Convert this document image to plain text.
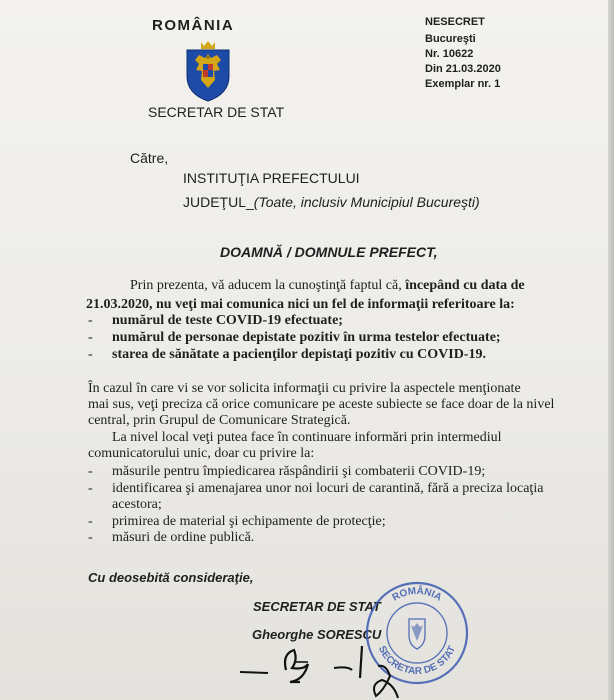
ROMÂNIA
SECRETAR DE STAT
NESECRET
Bucureşti
Nr. 10622
Din 21.03.2020
Exemplar nr. 1
Către,
INSTITUŢIA PREFECTULUI
JUDEŢUL_(Toate, inclusiv Municipiul Bucureşti)
DOAMNĂ / DOMNULE PREFECT,
Prin prezenta, vă aducem la cunoştinţă faptul că, începând cu data de
21.03.2020, nu veţi mai comunica nici un fel de informaţii referitoare la:
- numărul de teste COVID-19 efectuate;
- numărul de personae depistate pozitiv în urma testelor efectuate;
- starea de sănătate a pacienţilor depistaţi pozitiv cu COVID-19.
În cazul în care vi se vor solicita informaţii cu privire la aspectele menţionate
mai sus, veţi preciza că orice comunicare pe aceste subiecte se face doar de la nivel
central, prin Grupul de Comunicare Strategică.
La nivel local veţi putea face în continuare informări prin intermediul
comunicatorului unic, doar cu privire la:
- măsurile pentru împiedicarea răspândirii şi combaterii COVID-19;
- identificarea şi amenajarea unor noi locuri de carantină, fără a preciza locaţia
acestora;
- primirea de material şi echipamente de protecţie;
- măsuri de ordine publică.
Cu deosebită consideraţie,
SECRETAR DE STAT
Gheorghe SORESCU
ROMÂNIA
SECRETAR DE STAT
